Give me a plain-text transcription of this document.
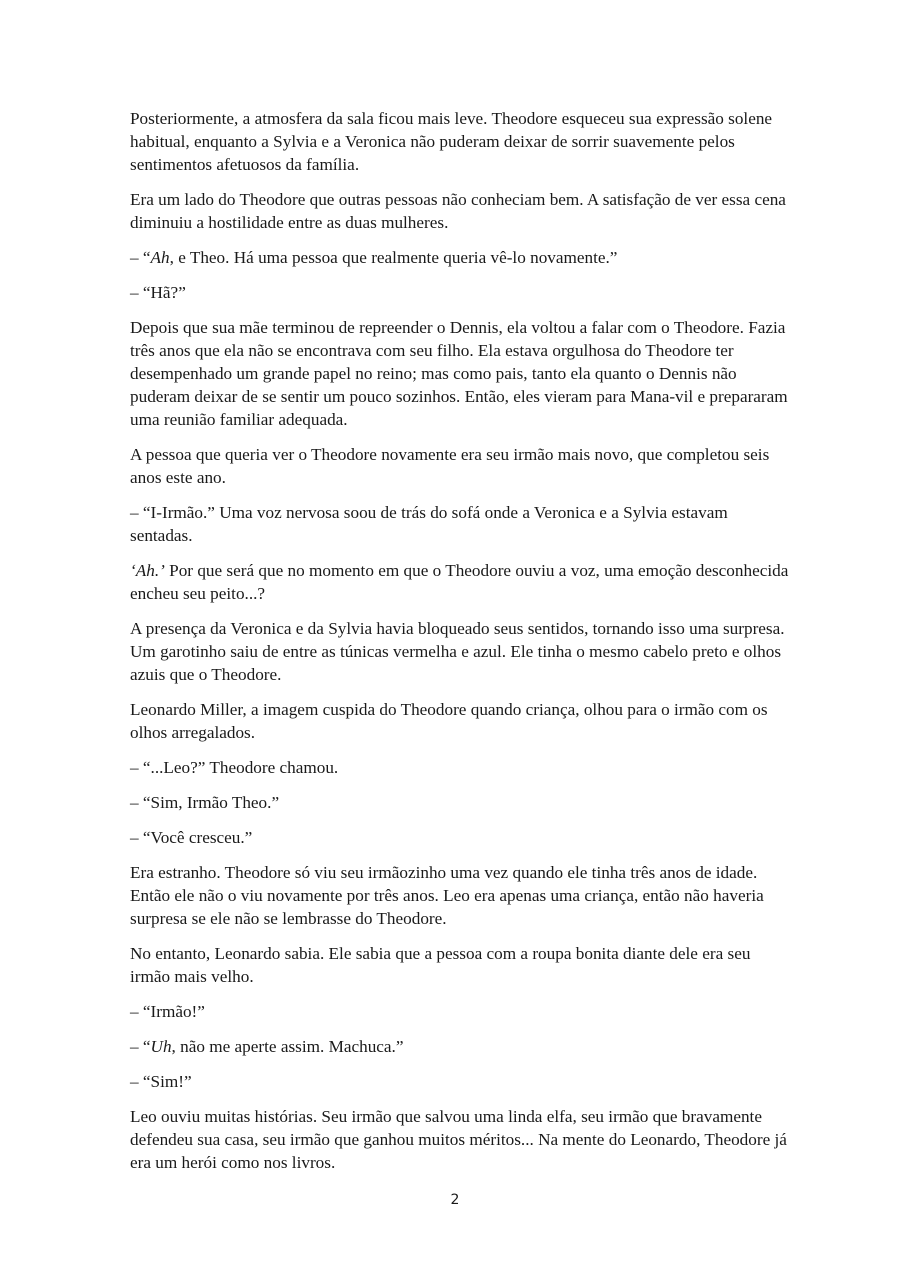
Posteriormente, a atmosfera da sala ficou mais leve. Theodore esqueceu sua expressão solene habitual, enquanto a Sylvia e a Veronica não puderam deixar de sorrir suavemente pelos sentimentos afetuosos da família.

Era um lado do Theodore que outras pessoas não conheciam bem. A satisfação de ver essa cena diminuiu a hostilidade entre as duas mulheres.

– “Ah, e Theo. Há uma pessoa que realmente queria vê-lo novamente.”

– “Hã?”

Depois que sua mãe terminou de repreender o Dennis, ela voltou a falar com o Theodore. Fazia três anos que ela não se encontrava com seu filho. Ela estava orgulhosa do Theodore ter desempenhado um grande papel no reino; mas como pais, tanto ela quanto o Dennis não puderam deixar de se sentir um pouco sozinhos. Então, eles vieram para Mana-vil e prepararam uma reunião familiar adequada.

A pessoa que queria ver o Theodore novamente era seu irmão mais novo, que completou seis anos este ano.

– “I-Irmão.” Uma voz nervosa soou de trás do sofá onde a Veronica e a Sylvia estavam sentadas.

‘Ah.’ Por que será que no momento em que o Theodore ouviu a voz, uma emoção desconhecida encheu seu peito...?

A presença da Veronica e da Sylvia havia bloqueado seus sentidos, tornando isso uma surpresa. Um garotinho saiu de entre as túnicas vermelha e azul. Ele tinha o mesmo cabelo preto e olhos azuis que o Theodore.

Leonardo Miller, a imagem cuspida do Theodore quando criança, olhou para o irmão com os olhos arregalados.

– “...Leo?” Theodore chamou.

– “Sim, Irmão Theo.”

– “Você cresceu.”

Era estranho. Theodore só viu seu irmãozinho uma vez quando ele tinha três anos de idade. Então ele não o viu novamente por três anos. Leo era apenas uma criança, então não haveria surpresa se ele não se lembrasse do Theodore.

No entanto, Leonardo sabia. Ele sabia que a pessoa com a roupa bonita diante dele era seu irmão mais velho.

– “Irmão!”

– “Uh, não me aperte assim. Machuca.”

– “Sim!”

Leo ouviu muitas histórias. Seu irmão que salvou uma linda elfa, seu irmão que bravamente defendeu sua casa, seu irmão que ganhou muitos méritos... Na mente do Leonardo, Theodore já era um herói como nos livros.

2
